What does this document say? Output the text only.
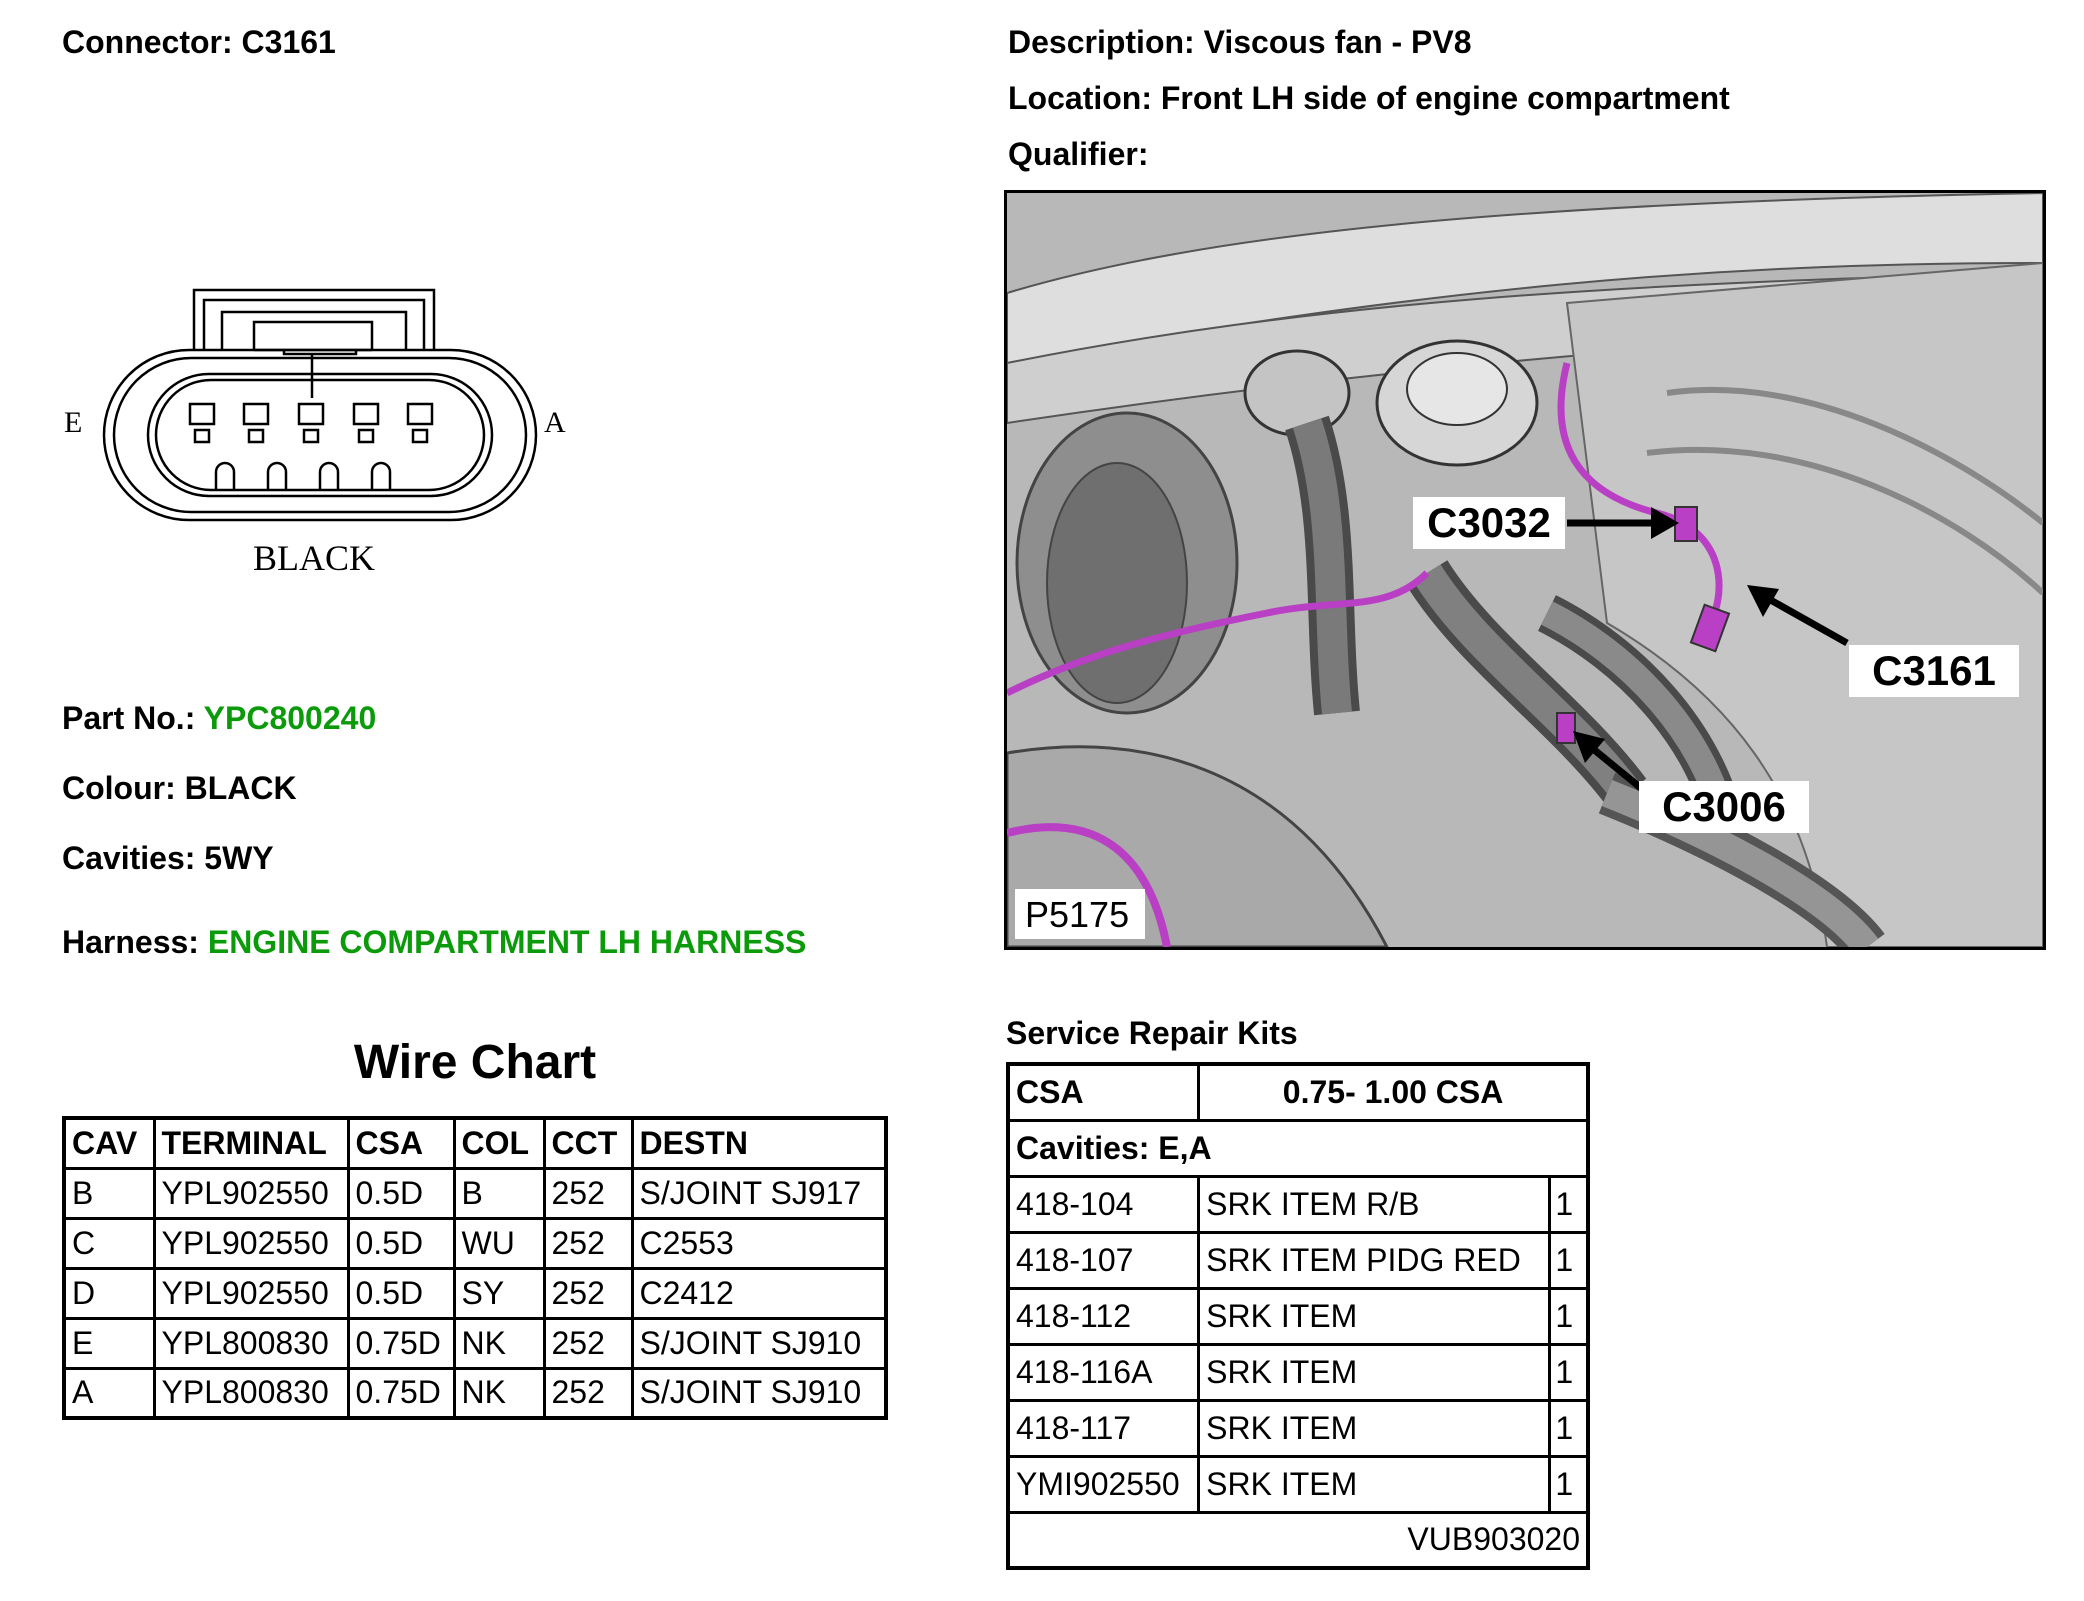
Connector: C3161	Description: Viscous fan - PV8
Location: Front LH side of engine compartment
Qualifier:
E	A
BLACK
C3032
C3161
C3006
P5175
Part No.: YPC800240
Colour: BLACK
Cavities: 5WY
Harness: ENGINE COMPARTMENT LH HARNESS
Wire Chart
CAV	TERMINAL	CSA	COL	CCT	DESTN
B	YPL902550	0.5D	B	252	S/JOINT SJ917
C	YPL902550	0.5D	WU	252	C2553
D	YPL902550	0.5D	SY	252	C2412
E	YPL800830	0.75D	NK	252	S/JOINT SJ910
A	YPL800830	0.75D	NK	252	S/JOINT SJ910
Service Repair Kits
CSA	0.75- 1.00 CSA	
Cavities: E,A		
418-104	SRK ITEM R/B	1
418-107	SRK ITEM PIDG RED	1
418-112	SRK ITEM	1
418-116A	SRK ITEM	1
418-117	SRK ITEM	1
YMI902550	SRK ITEM	1
VUB903020		
